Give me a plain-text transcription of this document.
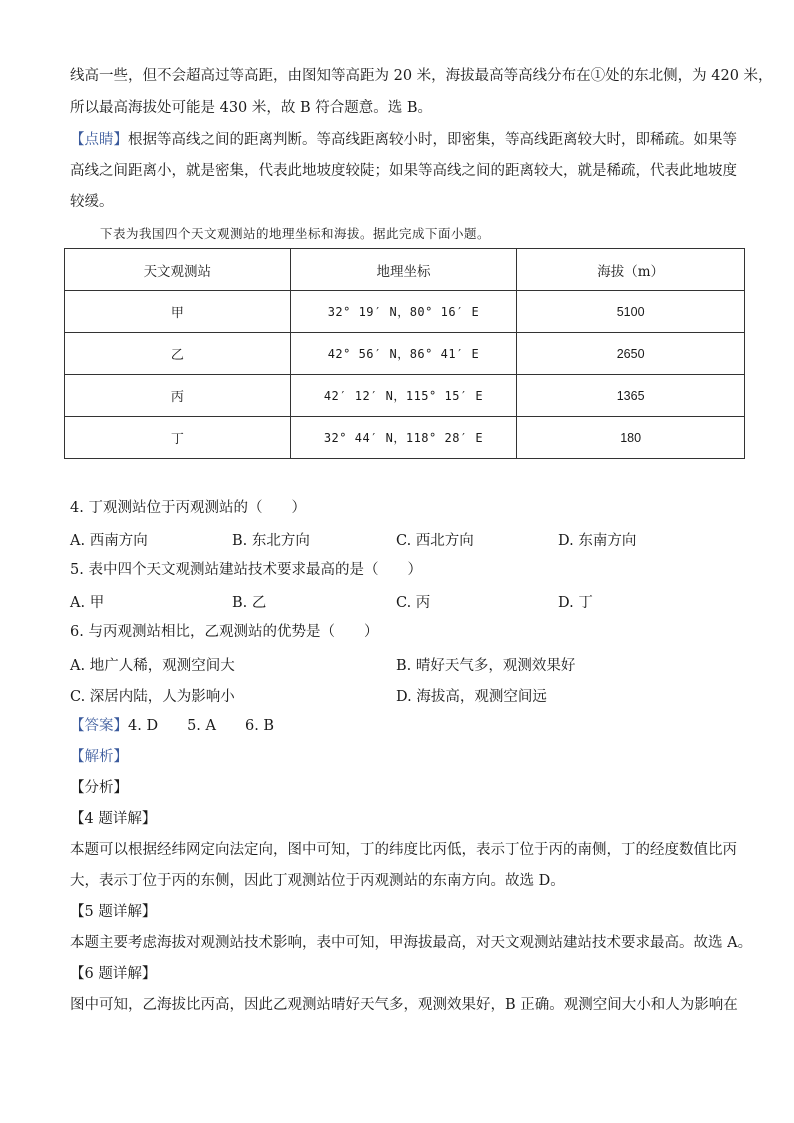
线高一些，但不会超高过等高距，由图知等高距为 20 米，海拔最高等高线分布在①处的东北侧，为 420 米，
所以最高海拔处可能是 430 米，故 B 符合题意。选 B。
【点睛】根据等高线之间的距离判断。等高线距离较小时，即密集，等高线距离较大时，即稀疏。如果等
高线之间距离小，就是密集，代表此地坡度较陡；如果等高线之间的距离较大，就是稀疏，代表此地坡度
较缓。
下表为我国四个天文观测站的地理坐标和海拔。据此完成下面小题。
天文观测站	地理坐标	海拔（m）
甲	32° 19′ N，80° 16′ E	5100
乙	42° 56′ N，86° 41′ E	2650
丙	42′ 12′ N，115° 15′ E	1365
丁	32° 44′ N，118° 28′ E	180
4. 丁观测站位于丙观测站的（　　）
A. 西南方向	B. 东北方向	C. 西北方向	D. 东南方向
5. 表中四个天文观测站建站技术要求最高的是（　　）
A. 甲	B. 乙	C. 丙	D. 丁
6. 与丙观测站相比，乙观测站的优势是（　　）
A. 地广人稀，观测空间大	B. 晴好天气多，观测效果好
C. 深居内陆，人为影响小	D. 海拔高，观测空间远
【答案】4. D　　5. A　　6. B
【解析】
【分析】
【4 题详解】
本题可以根据经纬网定向法定向，图中可知，丁的纬度比丙低，表示丁位于丙的南侧，丁的经度数值比丙
大，表示丁位于丙的东侧，因此丁观测站位于丙观测站的东南方向。故选 D。
【5 题详解】
本题主要考虑海拔对观测站技术影响，表中可知，甲海拔最高，对天文观测站建站技术要求最高。故选 A。
【6 题详解】
图中可知，乙海拔比丙高，因此乙观测站晴好天气多，观测效果好，B 正确。观测空间大小和人为影响在
